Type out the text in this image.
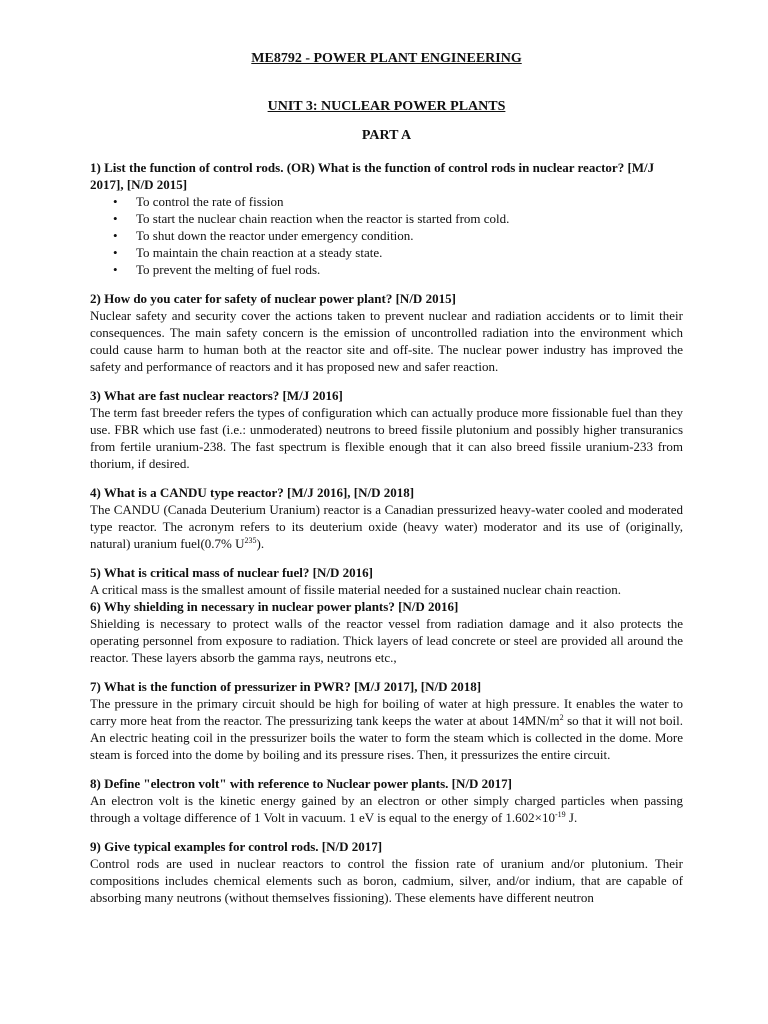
ME8792 - POWER PLANT ENGINEERING

UNIT 3: NUCLEAR POWER PLANTS

PART A

1) List the function of control rods. (OR) What is the function of control rods in nuclear reactor? [M/J 2017], [N/D 2015]

• To control the rate of fission
• To start the nuclear chain reaction when the reactor is started from cold.
• To shut down the reactor under emergency condition.
• To maintain the chain reaction at a steady state.
• To prevent the melting of fuel rods.

2) How do you cater for safety of nuclear power plant? [N/D 2015]

Nuclear safety and security cover the actions taken to prevent nuclear and radiation accidents or to limit their consequences. The main safety concern is the emission of uncontrolled radiation into the environment which could cause harm to human both at the reactor site and off-site. The nuclear power industry has improved the safety and performance of reactors and it has proposed new and safer reaction.

3) What are fast nuclear reactors? [M/J 2016]

The term fast breeder refers the types of configuration which can actually produce more fissionable fuel than they use. FBR which use fast (i.e.: unmoderated) neutrons to breed fissile plutonium and possibly higher transuranics from fertile uranium-238. The fast spectrum is flexible enough that it can also breed fissile uranium-233 from thorium, if desired.

4) What is a CANDU type reactor? [M/J 2016], [N/D 2018]

The CANDU (Canada Deuterium Uranium) reactor is a Canadian pressurized heavy-water cooled and moderated type reactor. The acronym refers to its deuterium oxide (heavy water) moderator and its use of (originally, natural) uranium fuel(0.7% $U^{235}$).

5) What is critical mass of nuclear fuel? [N/D 2016]

A critical mass is the smallest amount of fissile material needed for a sustained nuclear chain reaction.

6) Why shielding in necessary in nuclear power plants? [N/D 2016]

Shielding is necessary to protect walls of the reactor vessel from radiation damage and it also protects the operating personnel from exposure to radiation. Thick layers of lead concrete or steel are provided all around the reactor. These layers absorb the gamma rays, neutrons etc.,

7) What is the function of pressurizer in PWR? [M/J 2017], [N/D 2018]

The pressure in the primary circuit should be high for boiling of water at high pressure. It enables the water to carry more heat from the reactor. The pressurizing tank keeps the water at about $14MN/m^2$ so that it will not boil. An electric heating coil in the pressurizer boils the water to form the steam which is collected in the dome. More steam is forced into the dome by boiling and its pressure rises. Then, it pressurizes the entire circuit.

8) Define "electron volt" with reference to Nuclear power plants. [N/D 2017]

An electron volt is the kinetic energy gained by an electron or other simply charged particles when passing through a voltage difference of 1 Volt in vacuum. 1 eV is equal to the energy of $1.602\times 10^{-19}$ J.

9) Give typical examples for control rods. [N/D 2017]

Control rods are used in nuclear reactors to control the fission rate of uranium and/or plutonium. Their compositions includes chemical elements such as boron, cadmium, silver, and/or indium, that are capable of absorbing many neutrons (without themselves fissioning). These elements have different neutron
